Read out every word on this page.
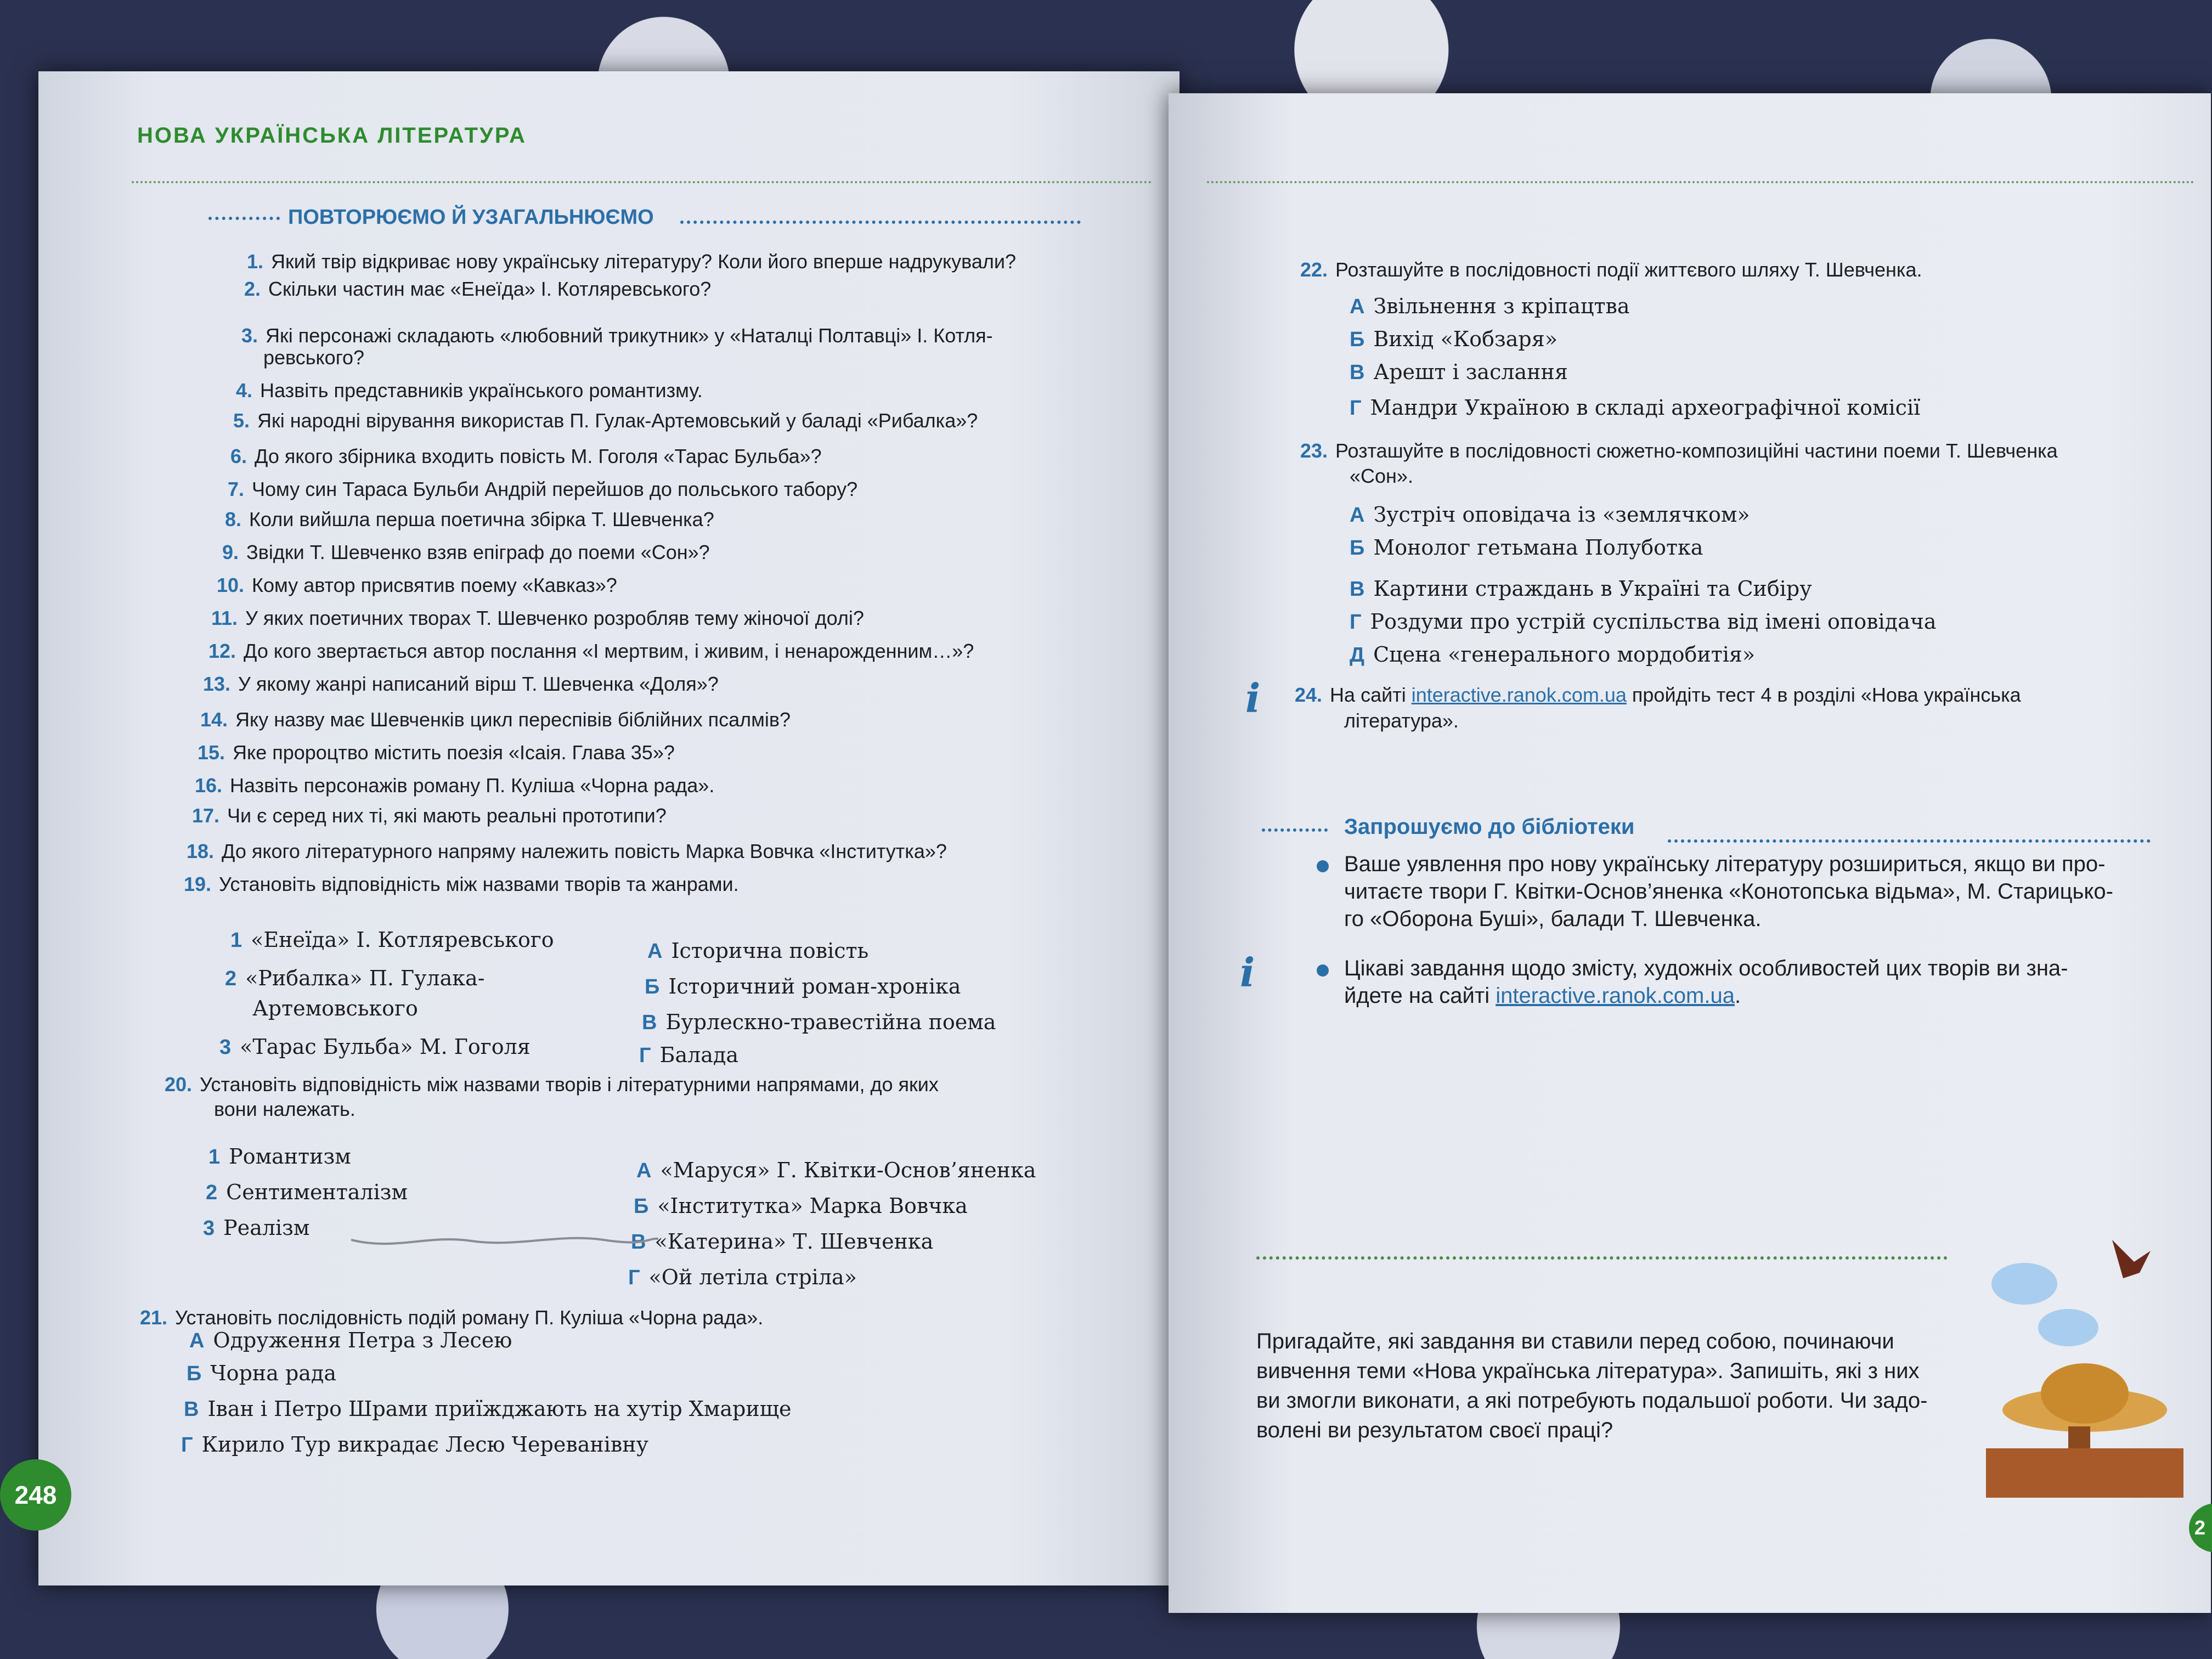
НОВА УКРАЇНСЬКА ЛІТЕРАТУРА
ПОВТОРЮЄМО Й УЗАГАЛЬНЮЄМО
1. Який твір відкриває нову українську літературу? Коли його вперше надрукували?
2. Скільки частин має «Енеїда» І. Котляревського?
3. Які персонажі складають «любовний трикутник» у «Наталці Полтавці» І. Котля-
ревського?
4. Назвіть представників українського романтизму.
5. Які народні вірування використав П. Гулак-Артемовський у баладі «Рибалка»?
6. До якого збірника входить повість М. Гоголя «Тарас Бульба»?
7. Чому син Тараса Бульби Андрій перейшов до польського табору?
8. Коли вийшла перша поетична збірка Т. Шевченка?
9. Звідки Т. Шевченко взяв епіграф до поеми «Сон»?
10. Кому автор присвятив поему «Кавказ»?
11. У яких поетичних творах Т. Шевченко розробляв тему жіночої долі?
12. До кого звертається автор послання «І мертвим, і живим, і ненарожденним…»?
13. У якому жанрі написаний вірш Т. Шевченка «Доля»?
14. Яку назву має Шевченків цикл переспівів біблійних псалмів?
15. Яке пророцтво містить поезія «Ісаія. Глава 35»?
16. Назвіть персонажів роману П. Куліша «Чорна рада».
17. Чи є серед них ті, які мають реальні прототипи?
18. До якого літературного напряму належить повість Марка Вовчка «Інститутка»?
19. Установіть відповідність між назвами творів та жанрами.
1 «Енеїда» І. Котляревського
2 «Рибалка» П. Гулака-
Артемовського
3 «Тарас Бульба» М. Гоголя
А Історична повість
Б Історичний роман-хроніка
В Бурлескно-травестійна поема
Г Балада
20. Установіть відповідність між назвами творів і літературними напрямами, до яких
вони належать.
1 Романтизм
2 Сентименталізм
3 Реалізм
А «Маруся» Г. Квітки-Основ’яненка
Б «Інститутка» Марка Вовчка
В «Катерина» Т. Шевченка
Г «Ой летіла стріла»
21. Установіть послідовність подій роману П. Куліша «Чорна рада».
А Одруження Петра з Лесею
Б Чорна рада
В Іван і Петро Шрами приїжджають на хутір Хмарище
Г Кирило Тур викрадає Лесю Череванівну
248
22. Розташуйте в послідовності події життєвого шляху Т. Шевченка.
А Звільнення з кріпацтва
Б Вихід «Кобзаря»
В Арешт і заслання
Г Мандри Україною в складі археографічної комісії
23. Розташуйте в послідовності сюжетно-композиційні частини поеми Т. Шевченка
«Сон».
А Зустріч оповідача із «землячком»
Б Монолог гетьмана Полуботка
В Картини страждань в Україні та Сибіру
Г Роздуми про устрій суспільства від імені оповідача
Д Сцена «генерального мордобитія»
i 24. На сайті interactive.ranok.com.ua пройдіть тест 4 в розділі «Нова українська
література».
Запрошуємо до бібліотеки
Ваше уявлення про нову українську літературу розшириться, якщо ви про-
читаєте твори Г. Квітки-Основ’яненка «Конотопська відьма», М. Старицько-
го «Оборона Буші», балади Т. Шевченка.
i	Цікаві завдання щодо змісту, художніх особливостей цих творів ви зна-
йдете на сайті interactive.ranok.com.ua.
Пригадайте, які завдання ви ставили перед собою, починаючи
вивчення теми «Нова українська література». Запишіть, які з них
ви змогли виконати, а які потребують подальшої роботи. Чи задо-
волені ви результатом своєї праці?
2
